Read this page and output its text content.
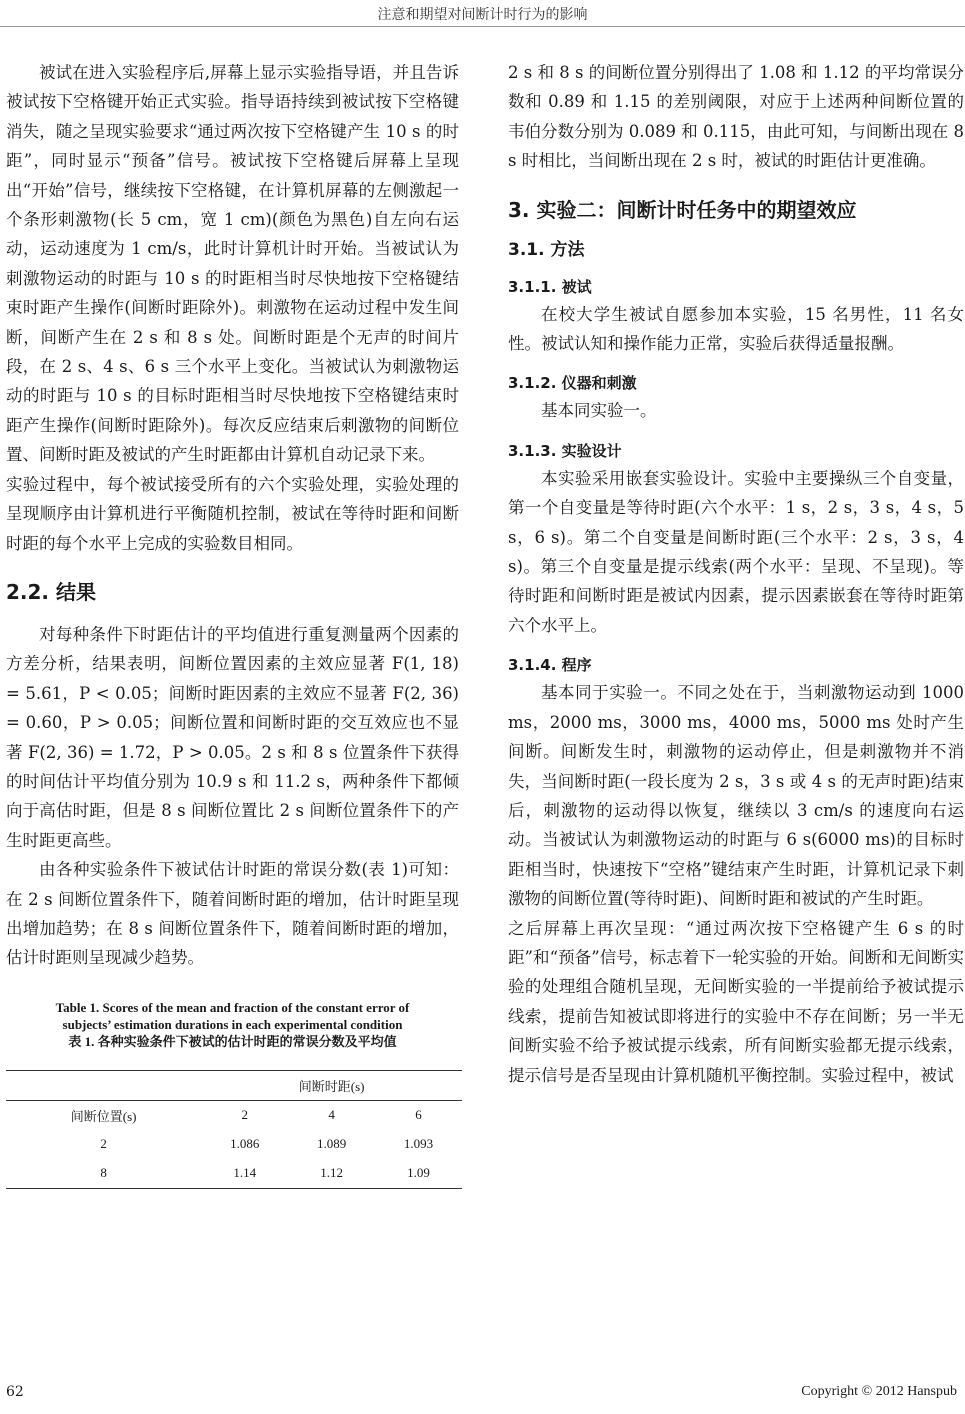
注意和期望对间断计时行为的影响

被试在进入实验程序后,屏幕上显示实验指导语，并且告诉被试按下空格键开始正式实验。指导语持续到被试按下空格键消失，随之呈现实验要求“通过两次按下空格键产生 10 s 的时距”，同时显示“预备”信号。被试按下空格键后屏幕上呈现出“开始”信号，继续按下空格键，在计算机屏幕的左侧激起一个条形刺激物(长 5 cm，宽 1 cm)(颜色为黑色)自左向右运动，运动速度为 1 cm/s，此时计算机计时开始。当被试认为刺激物运动的时距与 10 s 的时距相当时尽快地按下空格键结束时距产生操作(间断时距除外)。刺激物在运动过程中发生间断，间断产生在 2 s 和 8 s 处。间断时距是个无声的时间片段，在 2 s、4 s、6 s 三个水平上变化。当被试认为刺激物运动的时距与 10 s 的目标时距相当时尽快地按下空格键结束时距产生操作(间断时距除外)。每次反应结束后刺激物的间断位置、间断时距及被试的产生时距都由计算机自动记录下来。

实验过程中，每个被试接受所有的六个实验处理，实验处理的呈现顺序由计算机进行平衡随机控制，被试在等待时距和间断时距的每个水平上完成的实验数目相同。

2.2. 结果

对每种条件下时距估计的平均值进行重复测量两个因素的方差分析，结果表明，间断位置因素的主效应显著 F(1, 18) = 5.61，P < 0.05；间断时距因素的主效应不显著 F(2, 36) = 0.60，P > 0.05；间断位置和间断时距的交互效应也不显著 F(2, 36) = 1.72，P > 0.05。2 s 和 8 s 位置条件下获得的时间估计平均值分别为 10.9 s 和 11.2 s，两种条件下都倾向于高估时距，但是 8 s 间断位置比 2 s 间断位置条件下的产生时距更高些。

由各种实验条件下被试估计时距的常误分数(表 1)可知：在 2 s 间断位置条件下，随着间断时距的增加，估计时距呈现出增加趋势；在 8 s 间断位置条件下，随着间断时距的增加，估计时距则呈现减少趋势。

Table 1. Scores of the mean and fraction of the constant error of
subjects’ estimation durations in each experimental condition
表 1. 各种实验条件下被试的估计时距的常误分数及平均值
	间断时距(s)		
间断位置(s)	2	4	6
2	1.086	1.089	1.093
8	1.14	1.12	1.09

2 s 和 8 s 的间断位置分别得出了 1.08 和 1.12 的平均常误分数和 0.89 和 1.15 的差别阈限，对应于上述两种间断位置的韦伯分数分别为 0.089 和 0.115，由此可知，与间断出现在 8 s 时相比，当间断出现在 2 s 时，被试的时距估计更准确。

3. 实验二：间断计时任务中的期望效应
3.1. 方法
3.1.1. 被试

在校大学生被试自愿参加本实验，15 名男性，11 名女性。被试认知和操作能力正常，实验后获得适量报酬。

3.1.2. 仪器和刺激

基本同实验一。

3.1.3. 实验设计

本实验采用嵌套实验设计。实验中主要操纵三个自变量，第一个自变量是等待时距(六个水平：1 s，2 s，3 s，4 s，5 s，6 s)。第二个自变量是间断时距(三个水平：2 s，3 s，4 s)。第三个自变量是提示线索(两个水平：呈现、不呈现)。等待时距和间断时距是被试内因素，提示因素嵌套在等待时距第六个水平上。

3.1.4. 程序

基本同于实验一。不同之处在于，当刺激物运动到 1000 ms，2000 ms，3000 ms，4000 ms，5000 ms 处时产生间断。间断发生时，刺激物的运动停止，但是刺激物并不消失，当间断时距(一段长度为 2 s，3 s 或 4 s 的无声时距)结束后，刺激物的运动得以恢复，继续以 3 cm/s 的速度向右运动。当被试认为刺激物运动的时距与 6 s(6000 ms)的目标时距相当时，快速按下“空格”键结束产生时距，计算机记录下刺激物的间断位置(等待时距)、间断时距和被试的产生时距。

之后屏幕上再次呈现：“通过两次按下空格键产生 6 s 的时距”和“预备”信号，标志着下一轮实验的开始。间断和无间断实验的处理组合随机呈现，无间断实验的一半提前给予被试提示线索，提前告知被试即将进行的实验中不存在间断；另一半无间断实验不给予被试提示线索，所有间断实验都无提示线索，提示信号是否呈现由计算机随机平衡控制。实验过程中，被试

62	Copyright © 2012 Hanspub
